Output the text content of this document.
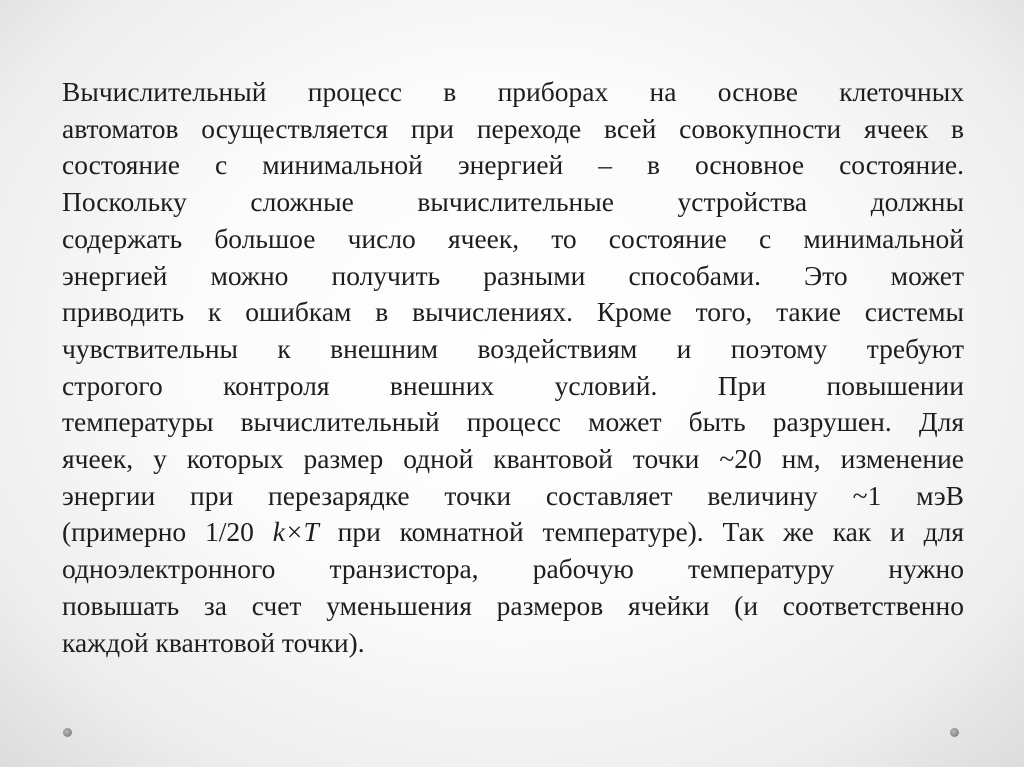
Вычислительный процесс в приборах на основе клеточных
автоматов осуществляется при переходе всей совокупности ячеек в
состояние с минимальной энергией – в основное состояние.
Поскольку сложные вычислительные устройства должны
содержать большое число ячеек, то состояние с минимальной
энергией можно получить разными способами. Это может
приводить к ошибкам в вычислениях. Кроме того, такие системы
чувствительны к внешним воздействиям и поэтому требуют
строгого контроля внешних условий. При повышении
температуры вычислительный процесс может быть разрушен. Для
ячеек, у которых размер одной квантовой точки ~20 нм, изменение
энергии при перезарядке точки составляет величину ~1 мэВ
(примерно 1/20 k×T при комнатной температуре). Так же как и для
одноэлектронного транзистора, рабочую температуру нужно
повышать за счет уменьшения размеров ячейки (и соответственно
каждой квантовой точки).
